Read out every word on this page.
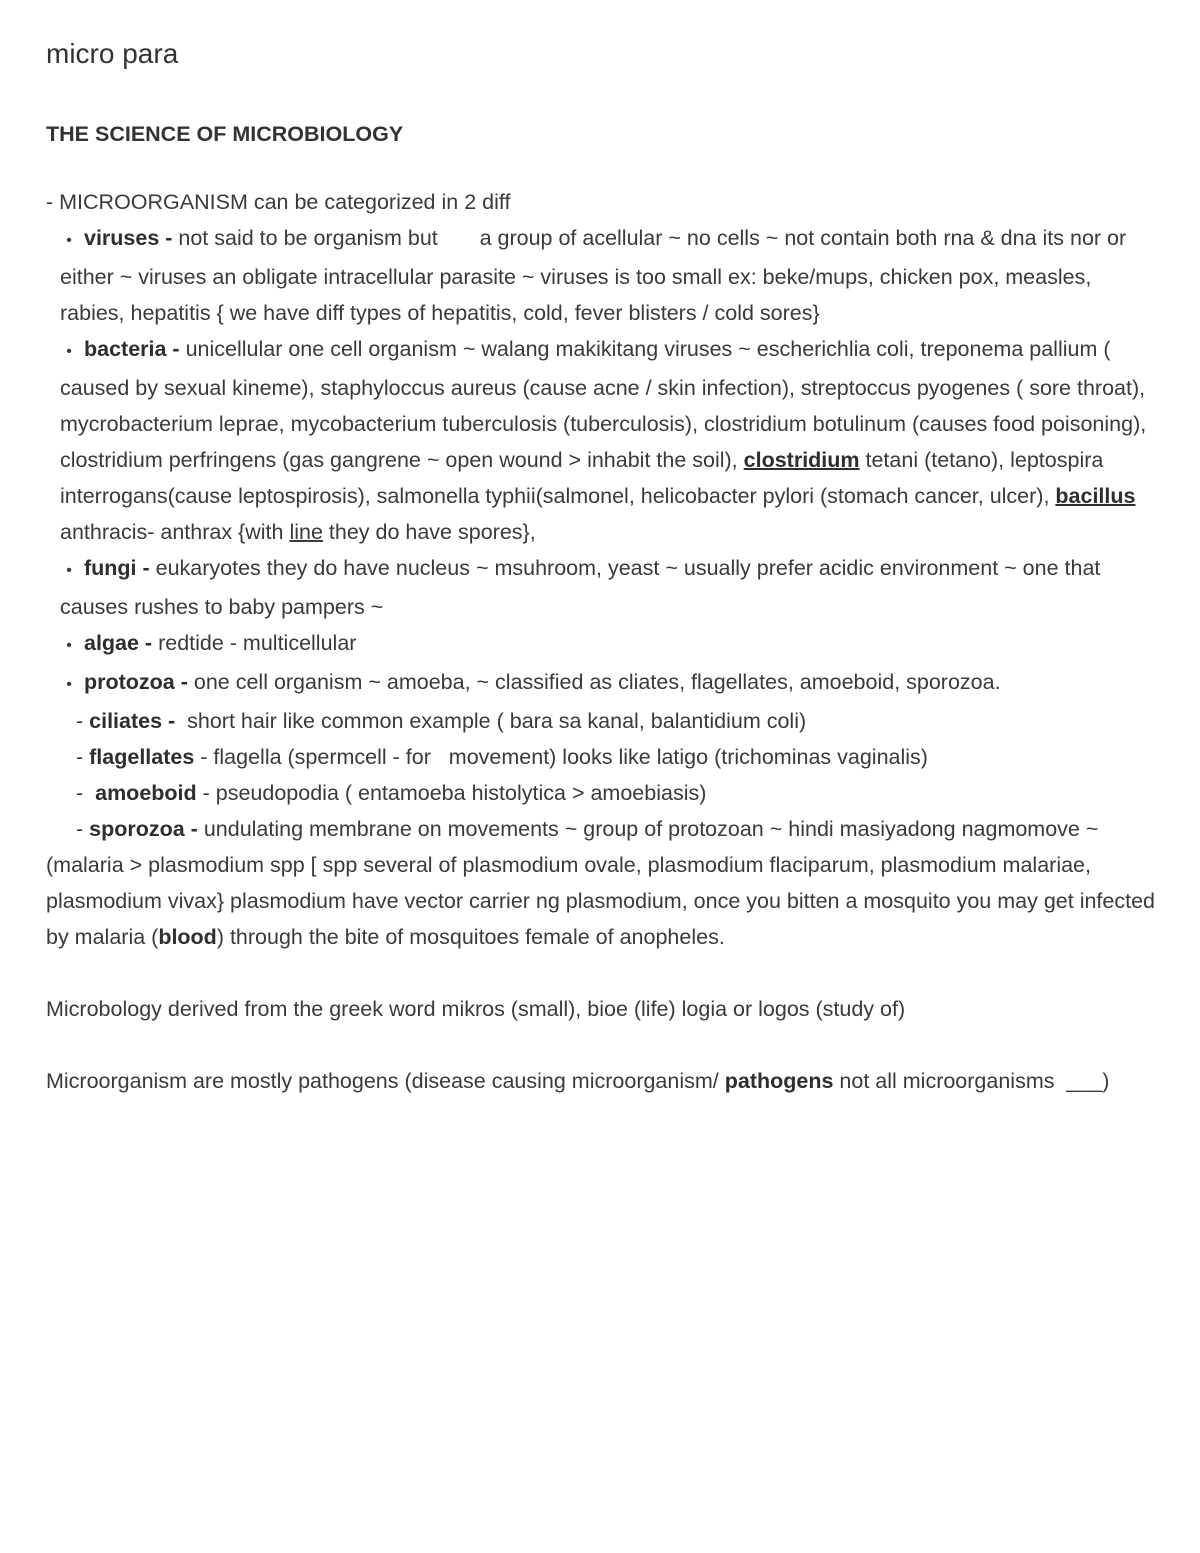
micro para
THE SCIENCE OF MICROBIOLOGY

- MICROORGANISM can be categorized in 2 diff

• viruses - not said to be organism but       a group of acellular ~ no cells ~ not contain both rna & dna its nor or either ~ viruses an obligate intracellular parasite ~ viruses is too small ex: beke/mups, chicken pox, measles, rabies, hepatitis { we have diff types of hepatitis, cold, fever blisters / cold sores}

• bacteria - unicellular one cell organism ~ walang makikitang viruses ~ escherichlia coli, treponema pallium ( caused by sexual kineme), staphyloccus aureus (cause acne / skin infection), streptoccus pyogenes ( sore throat), mycrobacterium leprae, mycobacterium tuberculosis (tuberculosis), clostridium botulinum (causes food poisoning), clostridium perfringens (gas gangrene ~ open wound > inhabit the soil), clostridium tetani (tetano), leptospira interrogans(cause leptospirosis), salmonella typhii(salmonel, helicobacter pylori (stomach cancer, ulcer), bacillus anthracis- anthrax {with line they do have spores},

• fungi - eukaryotes they do have nucleus ~ msuhroom, yeast ~ usually prefer acidic environment ~ one that causes rushes to baby pampers ~

• algae - redtide - multicellular

• protozoa - one cell organism ~ amoeba, ~ classified as cliates, flagellates, amoeboid, sporozoa.

- ciliates -  short hair like common example ( bara sa kanal, balantidium coli)

- flagellates - flagella (spermcell - for   movement) looks like latigo (trichominas vaginalis)

-  amoeboid - pseudopodia ( entamoeba histolytica > amoebiasis)

- sporozoa - undulating membrane on movements ~ group of protozoan ~ hindi masiyadong nagmomove ~ (malaria > plasmodium spp [ spp several of plasmodium ovale, plasmodium flaciparum, plasmodium malariae, plasmodium vivax} plasmodium have vector carrier ng plasmodium, once you bitten a mosquito you may get infected by malaria (blood) through the bite of mosquitoes female of anopheles.

Microbology derived from the greek word mikros (small), bioe (life) logia or logos (study of)

Microorganism are mostly pathogens (disease causing microorganism/ pathogens not all microorganisms  ___)
